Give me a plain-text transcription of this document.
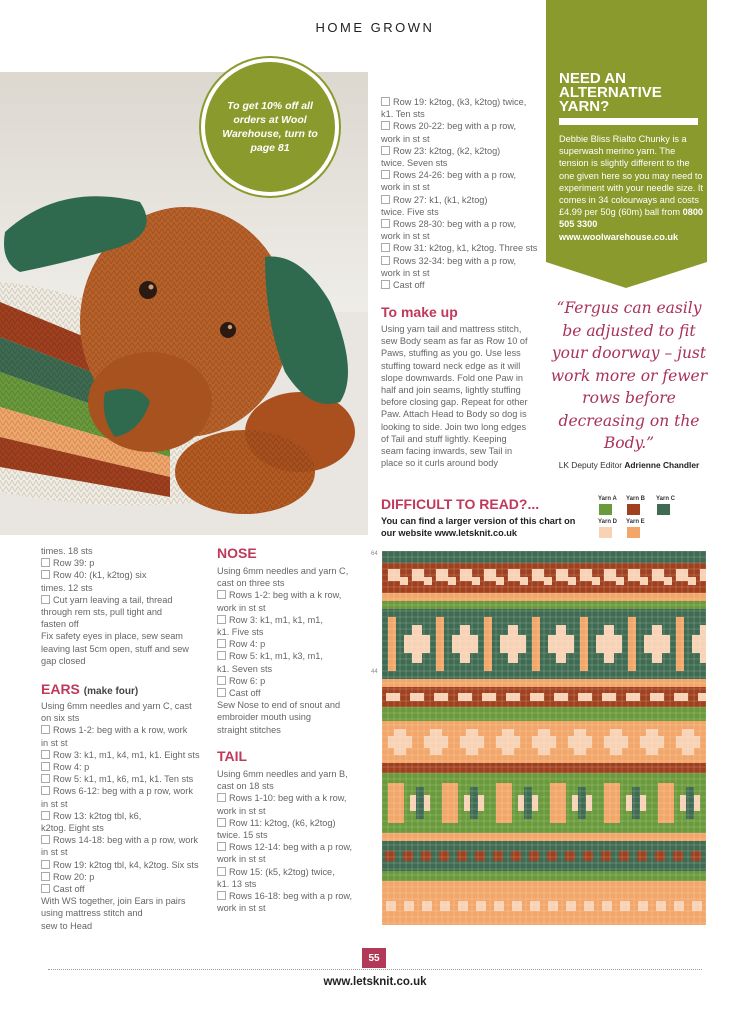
HOME GROWN
To get 10% off all orders at Wool Warehouse, turn to page 81
NEED AN
ALTERNATIVE
YARN?
Debbie Bliss Rialto Chunky is a superwash merino yarn. The tension is slightly different to the one given here so you may need to experiment with your needle size. It comes in 34 colourways and costs £4.99 per 50g (60m) ball from 0800 505 3300
www.woolwarehouse.co.uk
Row 19: k2tog, (k3, k2tog) twice,
k1. Ten sts
Rows 20-22: beg with a p row,
work in st st
Row 23: k2tog, (k2, k2tog)
twice. Seven sts
Rows 24-26: beg with a p row,
work in st st
Row 27: k1, (k1, k2tog)
twice. Five sts
Rows 28-30: beg with a p row,
work in st st
Row 31: k2tog, k1, k2tog. Three sts
Rows 32-34: beg with a p row,
work in st st
Cast off
To make up
Using yarn tail and mattress stitch,
sew Body seam as far as Row 10 of
Paws, stuffing as you go. Use less
stuffing toward neck edge as it will
slope downwards. Fold one Paw in
half and join seams, lightly stuffing
before closing gap. Repeat for other
Paw. Attach Head to Body so dog is
looking to side. Join two long edges
of Tail and stuff lightly. Keeping
seam facing inwards, sew Tail in
place so it curls around body
“Fergus can easily be adjusted to fit your doorway – just work more or fewer rows before decreasing on the Body.”
LK Deputy Editor Adrienne Chandler
DIFFICULT TO READ?...
You can find a larger version of this chart on our website www.letsknit.co.uk
Yarn A Yarn B Yarn C
Yarn D Yarn E
times. 18 sts
Row 39: p
Row 40: (k1, k2tog) six
times. 12 sts
Cut yarn leaving a tail, thread
through rem sts, pull tight and
fasten off
Fix safety eyes in place, sew seam
leaving last 5cm open, stuff and sew
gap closed
EARS (make four)
Using 6mm needles and yarn C, cast
on six sts
Rows 1-2: beg with a k row, work
in st st
Row 3: k1, m1, k4, m1, k1. Eight sts
Row 4: p
Row 5: k1, m1, k6, m1, k1. Ten sts
Rows 6-12: beg with a p row, work
in st st
Row 13: k2tog tbl, k6,
k2tog. Eight sts
Rows 14-18: beg with a p row, work
in st st
Row 19: k2tog tbl, k4, k2tog. Six sts
Row 20: p
Cast off
With WS together, join Ears in pairs
using mattress stitch and
sew to Head
NOSE
Using 6mm needles and yarn C,
cast on three sts
Rows 1-2: beg with a k row,
work in st st
Row 3: k1, m1, k1, m1,
k1. Five sts
Row 4: p
Row 5: k1, m1, k3, m1,
k1. Seven sts
Row 6: p
Cast off
Sew Nose to end of snout and
embroider mouth using
straight stitches
TAIL
Using 6mm needles and yarn B,
cast on 18 sts
Rows 1-10: beg with a k row,
work in st st
Row 11: k2tog, (k6, k2tog)
twice. 15 sts
Rows 12-14: beg with a p row,
work in st st
Row 15: (k5, k2tog) twice,
k1. 13 sts
Rows 16-18: beg with a p row,
work in st st
64
44
55
www.letsknit.co.uk
